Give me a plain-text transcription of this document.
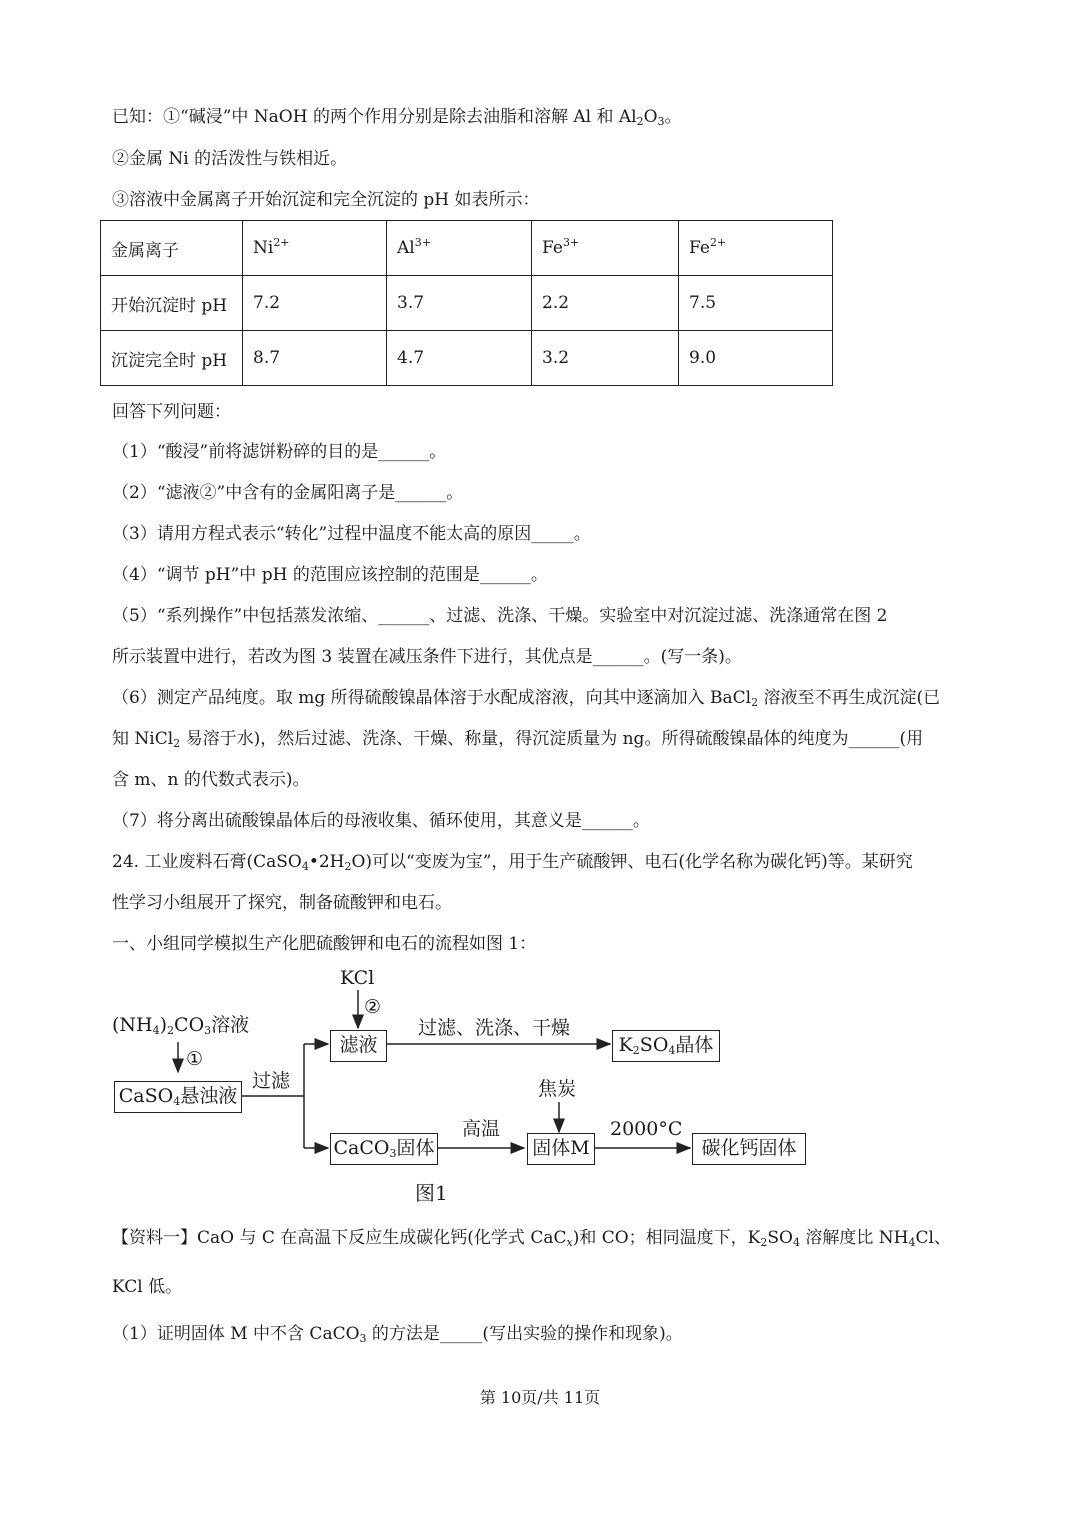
已知：①“碱浸”中 NaOH 的两个作用分别是除去油脂和溶解 Al 和 $Al_2O_3$。
②金属 Ni 的活泼性与铁相近。
③溶液中金属离子开始沉淀和完全沉淀的 pH 如表所示：
金属离子	$Ni^{2+}$	$Al^{3+}$	$Fe^{3+}$	$Fe^{2+}$
开始沉淀时 pH	7.2	3.7	2.2	7.5
沉淀完全时 pH	8.7	4.7	3.2	9.0
回答下列问题：
（1）“酸浸”前将滤饼粉碎的目的是______。
（2）“滤液②”中含有的金属阳离子是______。
（3）请用方程式表示“转化”过程中温度不能太高的原因_____。
（4）“调节 pH”中 pH 的范围应该控制的范围是______。
（5）“系列操作”中包括蒸发浓缩、______、过滤、洗涤、干燥。实验室中对沉淀过滤、洗涤通常在图 2
所示装置中进行，若改为图 3 装置在减压条件下进行，其优点是______。(写一条)。
（6）测定产品纯度。取 mg 所得硫酸镍晶体溶于水配成溶液，向其中逐滴加入 BaCl$_2$ 溶液至不再生成沉淀(已
知 NiCl$_2$ 易溶于水)，然后过滤、洗涤、干燥、称量，得沉淀质量为 ng。所得硫酸镍晶体的纯度为______(用
含 m、n 的代数式表示)。
（7）将分离出硫酸镍晶体后的母液收集、循环使用，其意义是______。
24. 工业废料石膏$(CaSO_4•2H_2O)$可以“变废为宝”，用于生产硫酸钾、电石(化学名称为碳化钙)等。某研究
性学习小组展开了探究，制备硫酸钾和电石。
一、小组同学模拟生产化肥硫酸钾和电石的流程如图 1：
$(NH_4)_2CO_3$溶液
①
CaSO$_4$悬浊液
过滤
KCl
②
滤液
过滤、洗涤、干燥
$K_2SO_4$晶体
焦炭
CaCO$_3$固体
高温
固体M
2000°C
碳化钙固体
图1
【资料一】CaO 与 C 在高温下反应生成碳化钙(化学式 CaC$_x$)和 CO；相同温度下，$K_2SO_4$ 溶解度比 $NH_4Cl$、
KCl 低。
（1）证明固体 M 中不含 CaCO$_3$ 的方法是_____(写出实验的操作和现象)。
第 10页/共 11页
